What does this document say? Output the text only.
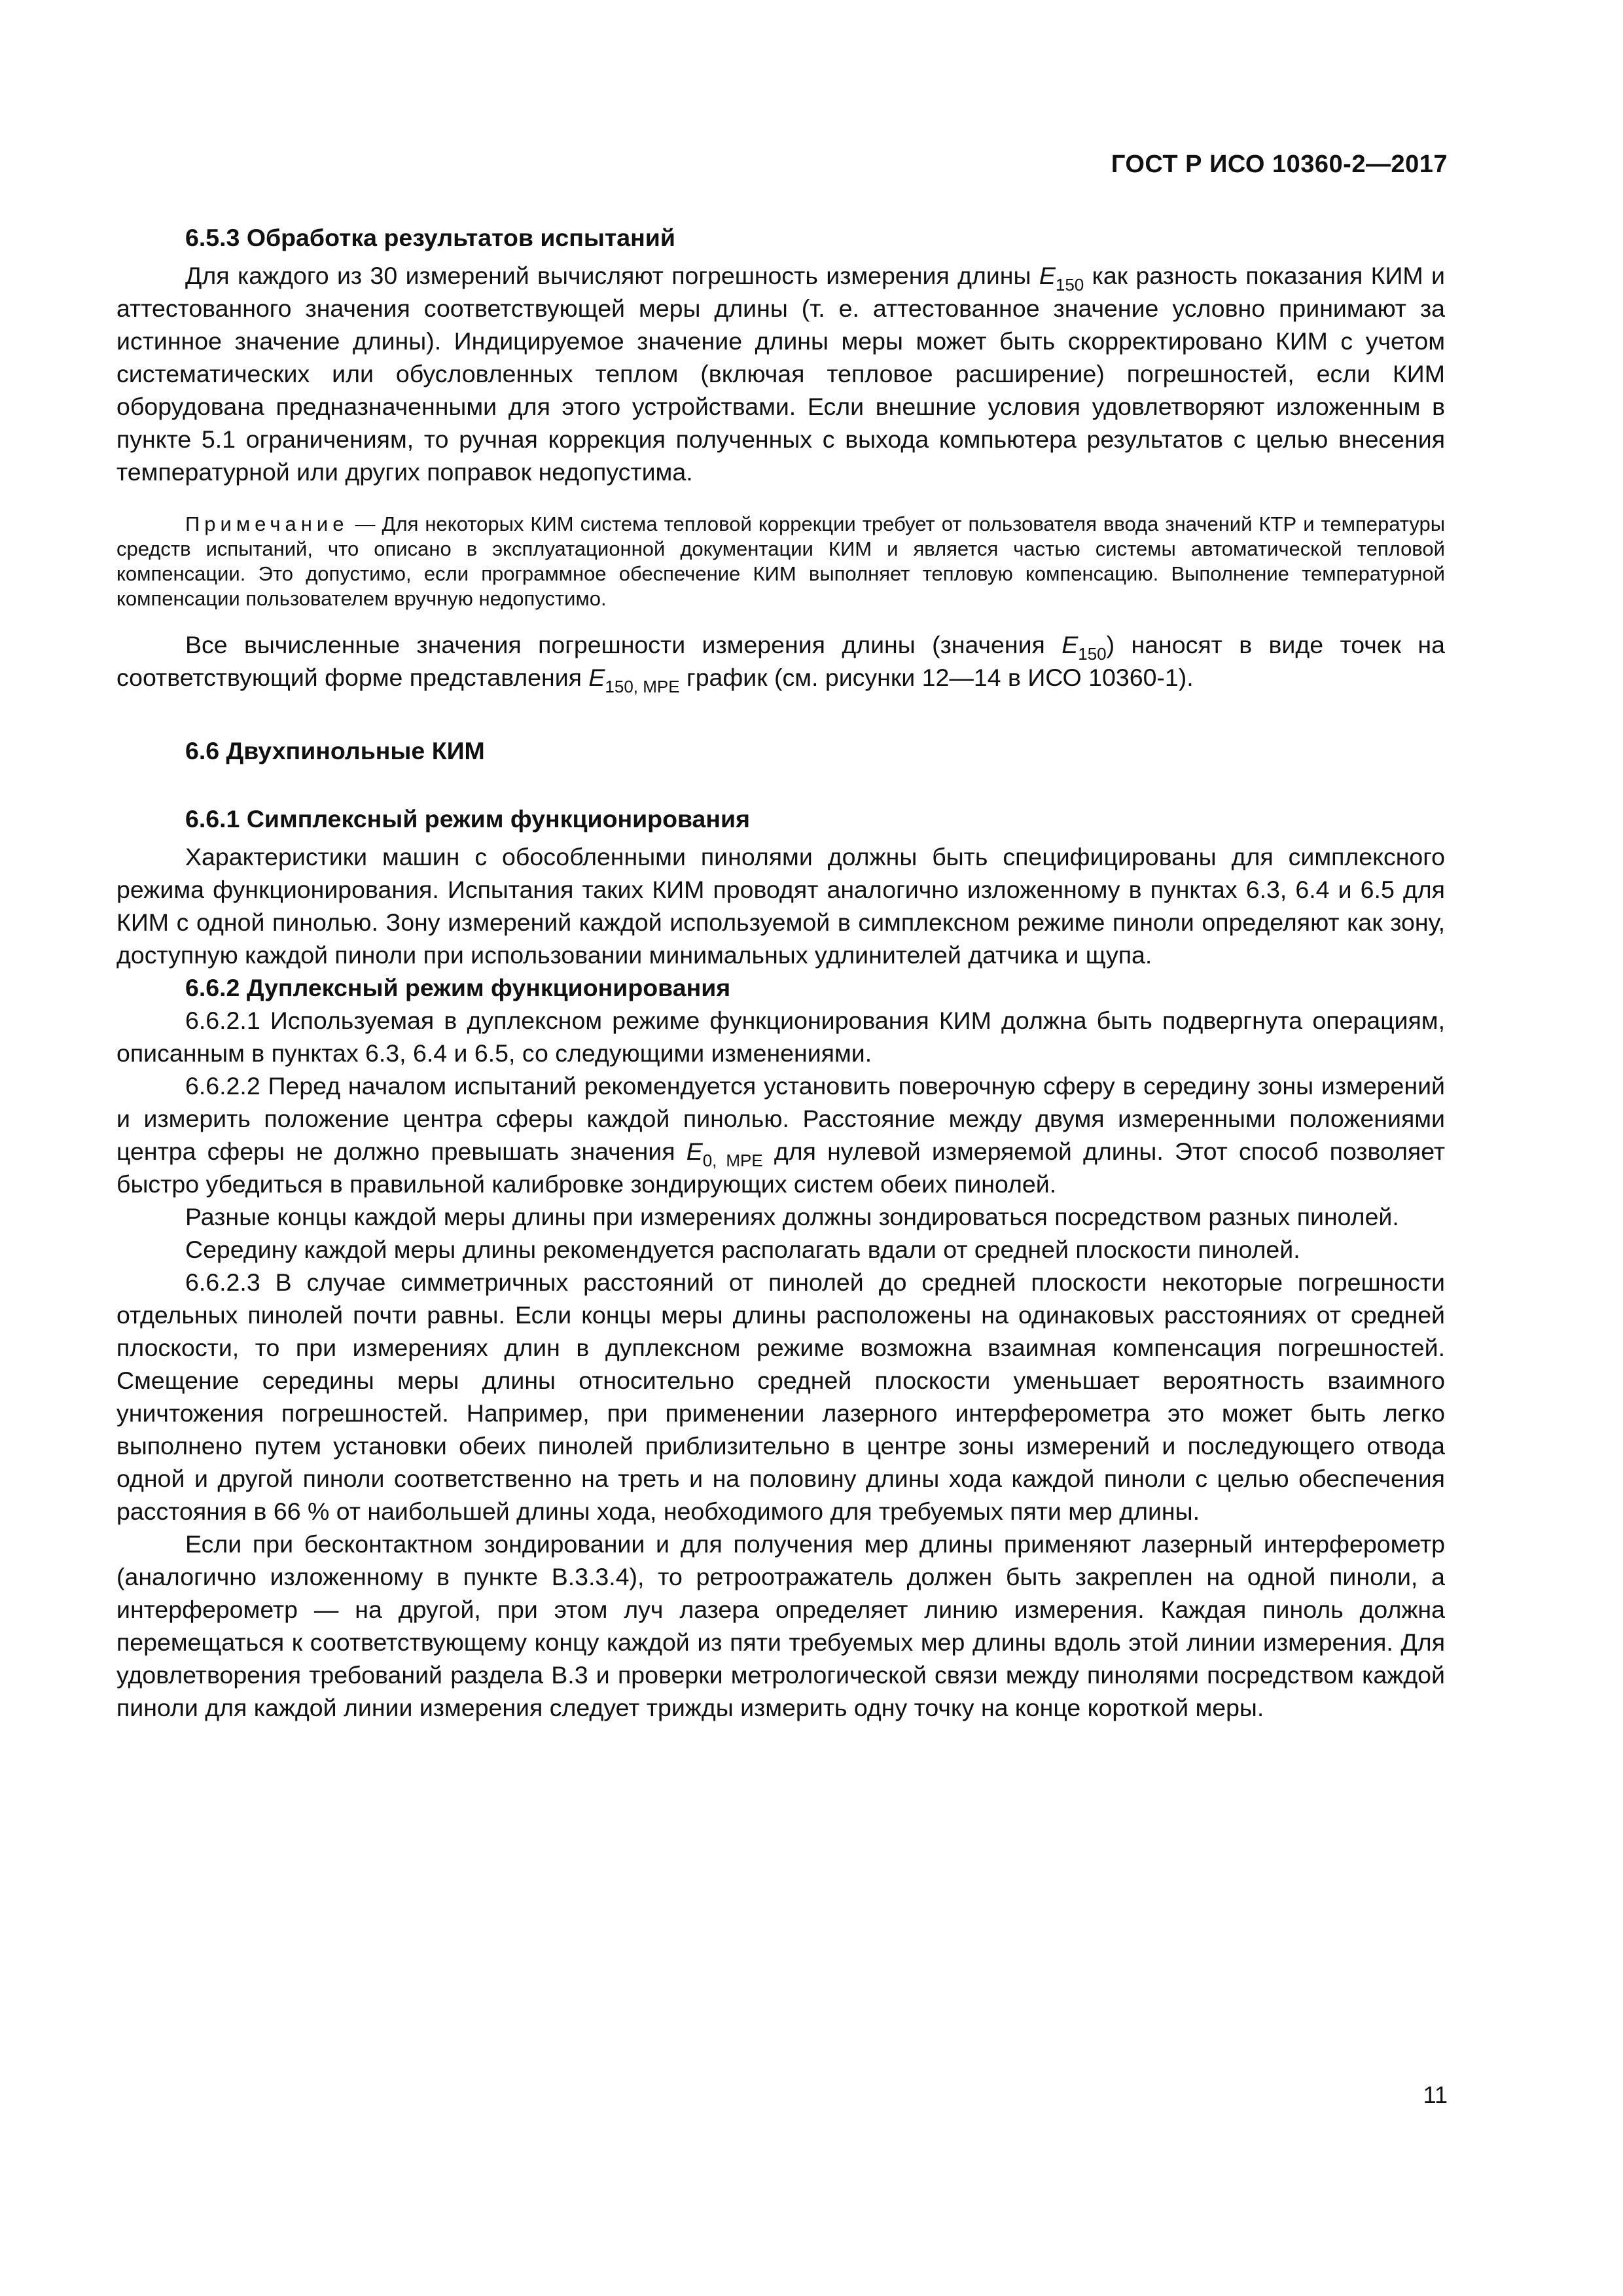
ГОСТ Р ИСО 10360-2—2017
6.5.3 Обработка результатов испытаний

Для каждого из 30 измерений вычисляют погрешность измерения длины $E_{150}$ как разность показания КИМ и аттестованного значения соответствующей меры длины (т. е. аттестованное значение условно принимают за истинное значение длины). Индицируемое значение длины меры может быть скорректировано КИМ с учетом систематических или обусловленных теплом (включая тепловое расширение) погрешностей, если КИМ оборудована предназначенными для этого устройствами. Если внешние условия удовлетворяют изложенным в пункте 5.1 ограничениям, то ручная коррекция полученных с выхода компьютера результатов с целью внесения температурной или других поправок недопустима.

Примечание — Для некоторых КИМ система тепловой коррекции требует от пользователя ввода значений КТР и температуры средств испытаний, что описано в эксплуатационной документации КИМ и является частью системы автоматической тепловой компенсации. Это допустимо, если программное обеспечение КИМ выполняет тепловую компенсацию. Выполнение температурной компенсации пользователем вручную недопустимо.

Все вычисленные значения погрешности измерения длины (значения $E_{150}$) наносят в виде точек на соответствующий форме представления $E_{150, MPE}$ график (см. рисунки 12—14 в ИСО 10360-1).

6.6 Двухпинольные КИМ
6.6.1 Симплексный режим функционирования

Характеристики машин с обособленными пинолями должны быть специфицированы для симплексного режима функционирования. Испытания таких КИМ проводят аналогично изложенному в пунктах 6.3, 6.4 и 6.5 для КИМ с одной пинолью. Зону измерений каждой используемой в симплексном режиме пиноли определяют как зону, доступную каждой пиноли при использовании минимальных удлинителей датчика и щупа.

6.6.2 Дуплексный режим функционирования

6.6.2.1 Используемая в дуплексном режиме функционирования КИМ должна быть подвергнута операциям, описанным в пунктах 6.3, 6.4 и 6.5, со следующими изменениями.

6.6.2.2 Перед началом испытаний рекомендуется установить поверочную сферу в середину зоны измерений и измерить положение центра сферы каждой пинолью. Расстояние между двумя измеренными положениями центра сферы не должно превышать значения $E_{0, MPE}$ для нулевой измеряемой длины. Этот способ позволяет быстро убедиться в правильной калибровке зондирующих систем обеих пинолей.

Разные концы каждой меры длины при измерениях должны зондироваться посредством разных пинолей.

Середину каждой меры длины рекомендуется располагать вдали от средней плоскости пинолей.

6.6.2.3 В случае симметричных расстояний от пинолей до средней плоскости некоторые погрешности отдельных пинолей почти равны. Если концы меры длины расположены на одинаковых расстояниях от средней плоскости, то при измерениях длин в дуплексном режиме возможна взаимная компенсация погрешностей. Смещение середины меры длины относительно средней плоскости уменьшает вероятность взаимного уничтожения погрешностей. Например, при применении лазерного интерферометра это может быть легко выполнено путем установки обеих пинолей приблизительно в центре зоны измерений и последующего отвода одной и другой пиноли соответственно на треть и на половину длины хода каждой пиноли с целью обеспечения расстояния в 66 % от наибольшей длины хода, необходимого для требуемых пяти мер длины.

Если при бесконтактном зондировании и для получения мер длины применяют лазерный интерферометр (аналогично изложенному в пункте В.3.3.4), то ретроотражатель должен быть закреплен на одной пиноли, а интерферометр — на другой, при этом луч лазера определяет линию измерения. Каждая пиноль должна перемещаться к соответствующему концу каждой из пяти требуемых мер длины вдоль этой линии измерения. Для удовлетворения требований раздела В.3 и проверки метрологической связи между пинолями посредством каждой пиноли для каждой линии измерения следует трижды измерить одну точку на конце короткой меры.

11
